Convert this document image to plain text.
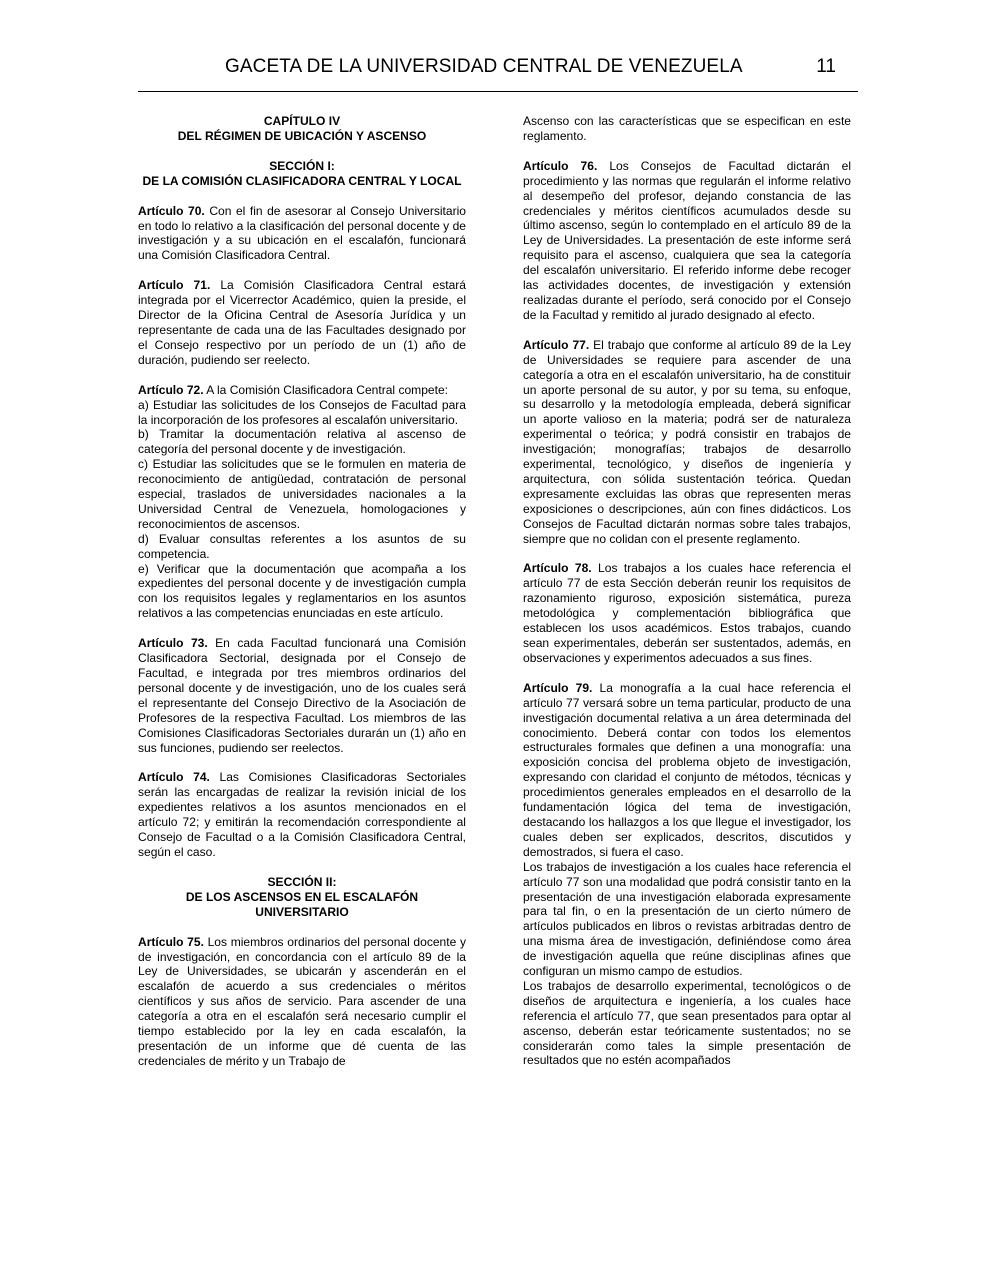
GACETA DE LA UNIVERSIDAD CENTRAL DE VENEZUELA	11

CAPÍTULO IV

DEL RÉGIMEN DE UBICACIÓN Y ASCENSO

SECCIÓN I:

DE LA COMISIÓN CLASIFICADORA CENTRAL Y LOCAL

Artículo 70. Con el fin de asesorar al Consejo Universitario en todo lo relativo a la clasificación del personal docente y de investigación y a su ubicación en el escalafón, funcionará una Comisión Clasificadora Central.

Artículo 71. La Comisión Clasificadora Central estará integrada por el Vicerrector Académico, quien la preside, el Director de la Oficina Central de Asesoría Jurídica y un representante de cada una de las Facultades designado por el Consejo respectivo por un período de un (1) año de duración, pudiendo ser reelecto.

Artículo 72. A la Comisión Clasificadora Central compete:

a) Estudiar las solicitudes de los Consejos de Facultad para la incorporación de los profesores al escalafón universitario.

b) Tramitar la documentación relativa al ascenso de categoría del personal docente y de investigación.

c) Estudiar las solicitudes que se le formulen en materia de reconocimiento de antigüedad, contratación de personal especial, traslados de universidades nacionales a la Universidad Central de Venezuela, homologaciones y reconocimientos de ascensos.

d) Evaluar consultas referentes a los asuntos de su competencia.

e) Verificar que la documentación que acompaña a los expedientes del personal docente y de investigación cumpla con los requisitos legales y reglamentarios en los asuntos relativos a las competencias enunciadas en este artículo.

Artículo 73. En cada Facultad funcionará una Comisión Clasificadora Sectorial, designada por el Consejo de Facultad, e integrada por tres miembros ordinarios del personal docente y de investigación, uno de los cuales será el representante del Consejo Directivo de la Asociación de Profesores de la respectiva Facultad. Los miembros de las Comisiones Clasificadoras Sectoriales durarán un (1) año en sus funciones, pudiendo ser reelectos.

Artículo 74. Las Comisiones Clasificadoras Sectoriales serán las encargadas de realizar la revisión inicial de los expedientes relativos a los asuntos mencionados en el artículo 72; y emitirán la recomendación correspondiente al Consejo de Facultad o a la Comisión Clasificadora Central, según el caso.

SECCIÓN II:

DE LOS ASCENSOS EN EL ESCALAFÓN UNIVERSITARIO

Artículo 75. Los miembros ordinarios del personal docente y de investigación, en concordancia con el artículo 89 de la Ley de Universidades, se ubicarán y ascenderán en el escalafón de acuerdo a sus credenciales o méritos científicos y sus años de servicio. Para ascender de una categoría a otra en el escalafón será necesario cumplir el tiempo establecido por la ley en cada escalafón, la presentación de un informe que dé cuenta de las credenciales de mérito y un Trabajo de

Ascenso con las características que se especifican en este reglamento.

Artículo 76. Los Consejos de Facultad dictarán el procedimiento y las normas que regularán el informe relativo al desempeño del profesor, dejando constancia de las credenciales y méritos científicos acumulados desde su último ascenso, según lo contemplado en el artículo 89 de la Ley de Universidades. La presentación de este informe será requisito para el ascenso, cualquiera que sea la categoría del escalafón universitario. El referido informe debe recoger las actividades docentes, de investigación y extensión realizadas durante el período, será conocido por el Consejo de la Facultad y remitido al jurado designado al efecto.

Artículo 77. El trabajo que conforme al artículo 89 de la Ley de Universidades se requiere para ascender de una categoría a otra en el escalafón universitario, ha de constituir un aporte personal de su autor, y por su tema, su enfoque, su desarrollo y la metodología empleada, deberá significar un aporte valioso en la materia; podrá ser de naturaleza experimental o teórica; y podrá consistir en trabajos de investigación; monografías; trabajos de desarrollo experimental, tecnológico, y diseños de ingeniería y arquitectura, con sólida sustentación teórica. Quedan expresamente excluidas las obras que representen meras exposiciones o descripciones, aún con fines didácticos. Los Consejos de Facultad dictarán normas sobre tales trabajos, siempre que no colidan con el presente reglamento.

Artículo 78. Los trabajos a los cuales hace referencia el artículo 77 de esta Sección deberán reunir los requisitos de razonamiento riguroso, exposición sistemática, pureza metodológica y complementación bibliográfica que establecen los usos académicos. Estos trabajos, cuando sean experimentales, deberán ser sustentados, además, en observaciones y experimentos adecuados a sus fines.

Artículo 79. La monografía a la cual hace referencia el artículo 77 versará sobre un tema particular, producto de una investigación documental relativa a un área determinada del conocimiento. Deberá contar con todos los elementos estructurales formales que definen a una monografía: una exposición concisa del problema objeto de investigación, expresando con claridad el conjunto de métodos, técnicas y procedimientos generales empleados en el desarrollo de la fundamentación lógica del tema de investigación, destacando los hallazgos a los que llegue el investigador, los cuales deben ser explicados, descritos, discutidos y demostrados, si fuera el caso.

Los trabajos de investigación a los cuales hace referencia el artículo 77 son una modalidad que podrá consistir tanto en la presentación de una investigación elaborada expresamente para tal fin, o en la presentación de un cierto número de artículos publicados en libros o revistas arbitradas dentro de una misma área de investigación, definiéndose como área de investigación aquella que reúne disciplinas afines que configuran un mismo campo de estudios.

Los trabajos de desarrollo experimental, tecnológicos o de diseños de arquitectura e ingeniería, a los cuales hace referencia el artículo 77, que sean presentados para optar al ascenso, deberán estar teóricamente sustentados; no se considerarán como tales la simple presentación de resultados que no estén acompañados
